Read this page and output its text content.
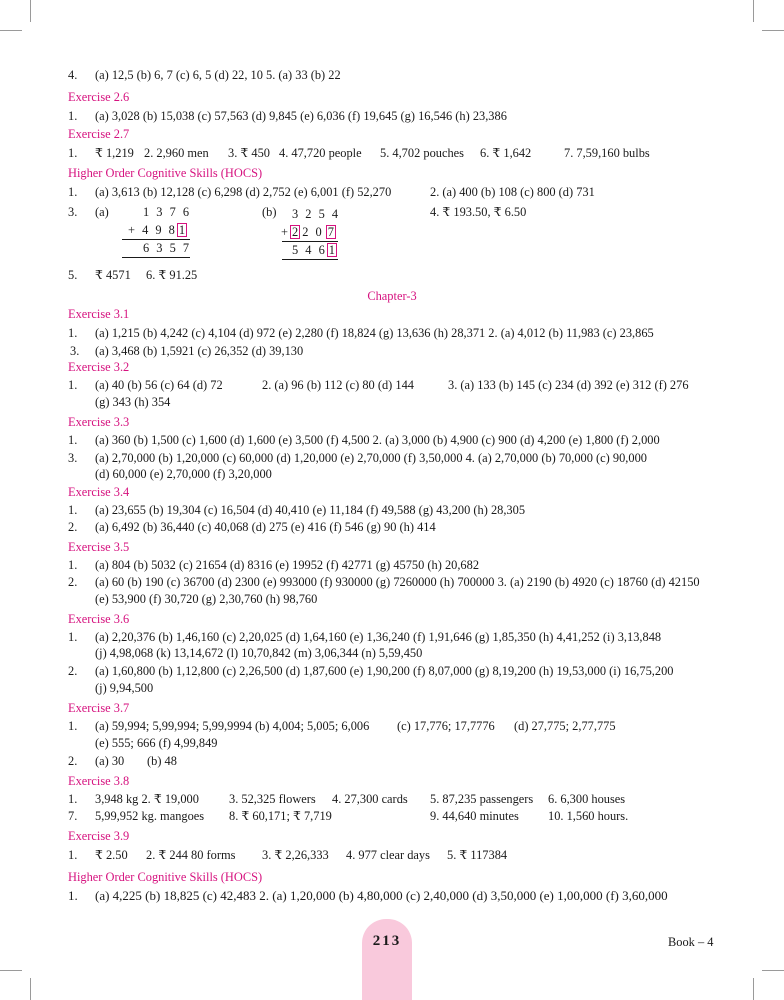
4. (a) 12,5 (b) 6, 7 (c) 6, 5 (d) 22, 10 5. (a) 33 (b) 22
Exercise 2.6
1. (a) 3,028 (b) 15,038 (c) 57,563 (d) 9,845 (e) 6,036 (f) 19,645 (g) 16,546 (h) 23,386
Exercise 2.7
1. ₹ 1,219 2. 2,960 men 3. ₹ 450 4. 47,720 people 5. 4,702 pouches 6. ₹ 1,642	7. 7,59,160 bulbs
Higher Order Cognitive Skills (HOCS)
1. (a) 3,613 (b) 12,128 (c) 6,298 (d) 2,752 (e) 6,001 (f) 52,270	2. (a) 400 (b) 108 (c) 800 (d) 731
3. (a)	(b)	4. ₹ 193.50, ₹ 6.50
1 3 7 6
+ 4 9 8 1
6 3 5 7
3 2 5 4
+ 2 2 0 7
5 4 6 1
5. ₹ 4571 6. ₹ 91.25
Chapter-3
Exercise 3.1
1. (a) 1,215 (b) 4,242 (c) 4,104 (d) 972 (e) 2,280 (f) 18,824 (g) 13,636 (h) 28,371 2. (a) 4,012 (b) 11,983 (c) 23,865
3. (a) 3,468 (b) 1,5921 (c) 26,352 (d) 39,130
Exercise 3.2
1. (a) 40 (b) 56 (c) 64 (d) 72	2. (a) 96 (b) 112 (c) 80 (d) 144	3. (a) 133 (b) 145 (c) 234 (d) 392 (e) 312 (f) 276
(g) 343 (h) 354
Exercise 3.3
1. (a) 360 (b) 1,500 (c) 1,600 (d) 1,600 (e) 3,500 (f) 4,500 2. (a) 3,000 (b) 4,900 (c) 900 (d) 4,200 (e) 1,800 (f) 2,000
3. (a) 2,70,000 (b) 1,20,000 (c) 60,000 (d) 1,20,000 (e) 2,70,000 (f) 3,50,000 4. (a) 2,70,000 (b) 70,000 (c) 90,000
(d) 60,000 (e) 2,70,000 (f) 3,20,000
Exercise 3.4
1. (a) 23,655 (b) 19,304 (c) 16,504 (d) 40,410 (e) 11,184 (f) 49,588 (g) 43,200 (h) 28,305
2. (a) 6,492 (b) 36,440 (c) 40,068 (d) 275 (e) 416 (f) 546 (g) 90 (h) 414
Exercise 3.5
1. (a) 804 (b) 5032 (c) 21654 (d) 8316 (e) 19952 (f) 42771 (g) 45750 (h) 20,682
2. (a) 60 (b) 190 (c) 36700 (d) 2300 (e) 993000 (f) 930000 (g) 7260000 (h) 700000 3. (a) 2190 (b) 4920 (c) 18760 (d) 42150
(e) 53,900 (f) 30,720 (g) 2,30,760 (h) 98,760
Exercise 3.6
1. (a) 2,20,376 (b) 1,46,160 (c) 2,20,025 (d) 1,64,160 (e) 1,36,240 (f) 1,91,646 (g) 1,85,350 (h) 4,41,252 (i) 3,13,848
(j) 4,98,068 (k) 13,14,672 (l) 10,70,842 (m) 3,06,344 (n) 5,59,450
2. (a) 1,60,800 (b) 1,12,800 (c) 2,26,500 (d) 1,87,600 (e) 1,90,200 (f) 8,07,000 (g) 8,19,200 (h) 19,53,000 (i) 16,75,200
(j) 9,94,500
Exercise 3.7
1. (a) 59,994; 5,99,994; 5,99,9994 (b) 4,004; 5,005; 6,006 (c) 17,776; 17,7776 (d) 27,775; 2,77,775
(e) 555; 666 (f) 4,99,849
2. (a) 30 (b) 48
Exercise 3.8
1. 3,948 kg 2. ₹ 19,000 3. 52,325 flowers 4. 27,300 cards 5. 87,235 passengers 6. 6,300 houses
7. 5,99,952 kg. mangoes 8. ₹ 60,171; ₹ 7,719	9. 44,640 minutes 10. 1,560 hours.
Exercise 3.9
1. ₹ 2.50 2. ₹ 244 80 forms 3. ₹ 2,26,333 4. 977 clear days 5. ₹ 117384
Higher Order Cognitive Skills (HOCS)
1. (a) 4,225 (b) 18,825 (c) 42,483 2. (a) 1,20,000 (b) 4,80,000 (c) 2,40,000 (d) 3,50,000 (e) 1,00,000 (f) 3,60,000
213	Book – 4
